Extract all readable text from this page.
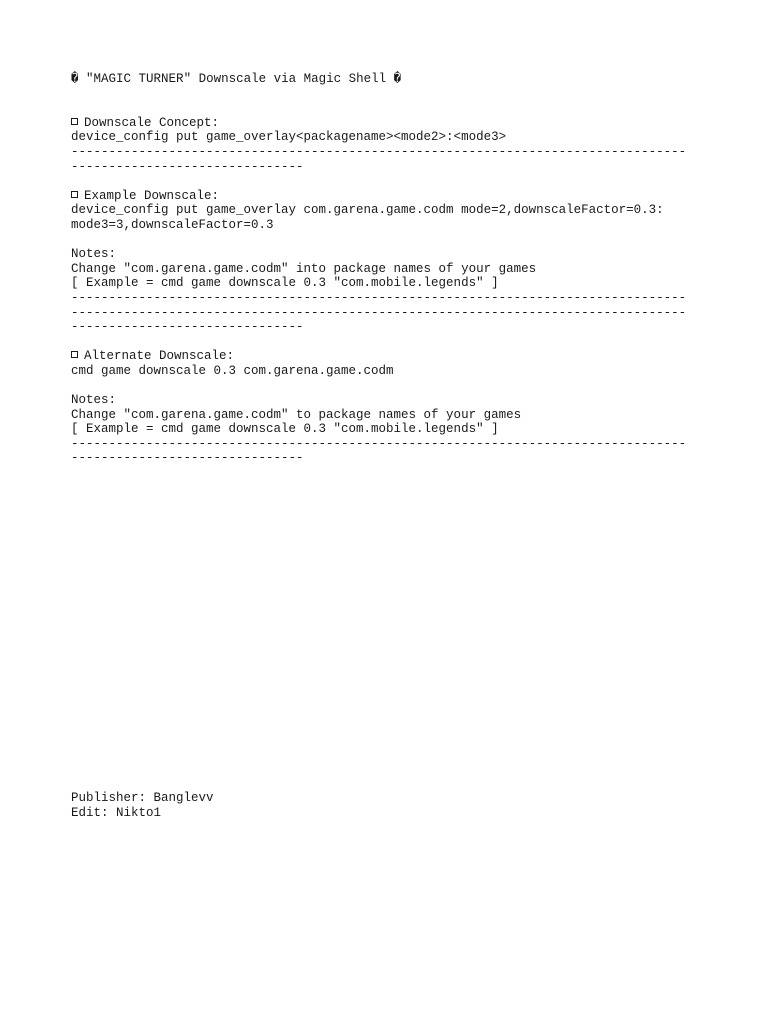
� "MAGIC TURNER" Downscale via Magic Shell �
Downscale Concept:
device_config put game_overlay<packagename><mode2>:<mode3>
----------------------------------------------------------------------------------
-------------------------------
Example Downscale:
device_config put game_overlay com.garena.game.codm mode=2,downscaleFactor=0.3:
mode3=3,downscaleFactor=0.3
Notes:
Change "com.garena.game.codm" into package names of your games
[ Example = cmd game downscale 0.3 "com.mobile.legends" ]
----------------------------------------------------------------------------------
----------------------------------------------------------------------------------
-------------------------------
Alternate Downscale:
cmd game downscale 0.3 com.garena.game.codm
Notes:
Change "com.garena.game.codm" to package names of your games
[ Example = cmd game downscale 0.3 "com.mobile.legends" ]
----------------------------------------------------------------------------------
-------------------------------
Publisher: Banglevv
Edit: Nikto1
